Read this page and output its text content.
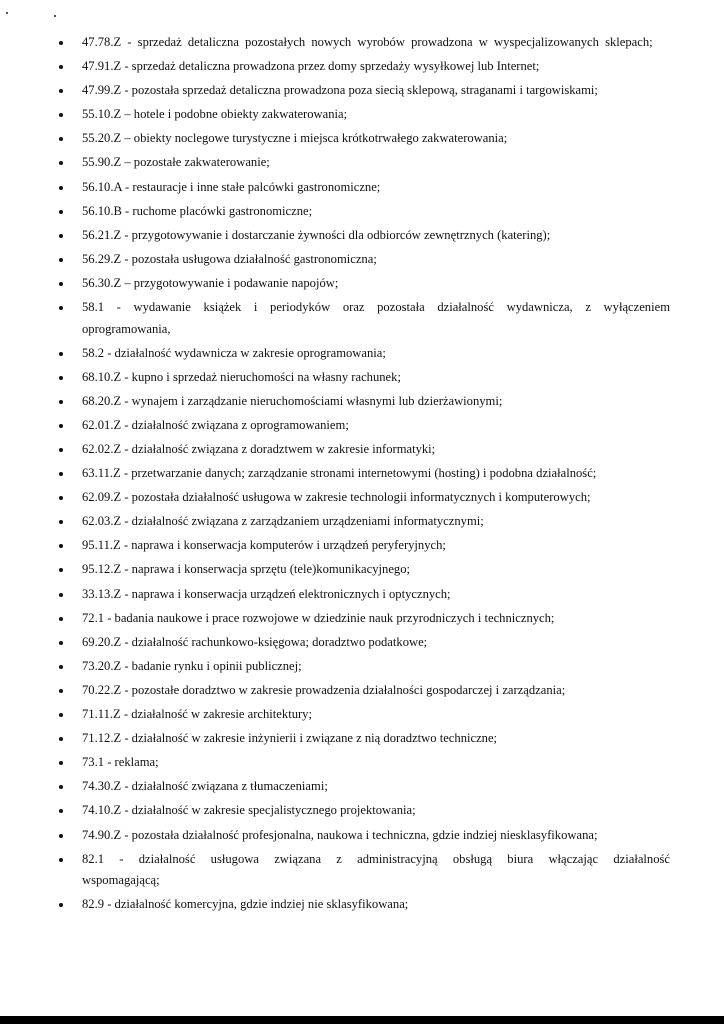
47.78.Z - sprzedaż detaliczna pozostałych nowych wyrobów prowadzona w wyspecjalizowanych sklepach;
47.91.Z - sprzedaż detaliczna prowadzona przez domy sprzedaży wysyłkowej lub Internet;
47.99.Z - pozostała sprzedaż detaliczna prowadzona poza siecią sklepową, straganami i targowiskami;
55.10.Z – hotele i podobne obiekty zakwaterowania;
55.20.Z – obiekty noclegowe turystyczne i miejsca krótkotrwałego zakwaterowania;
55.90.Z – pozostałe zakwaterowanie;
56.10.A - restauracje i inne stałe palcówki gastronomiczne;
56.10.B - ruchome placówki gastronomiczne;
56.21.Z - przygotowywanie i dostarczanie żywności dla odbiorców zewnętrznych (katering);
56.29.Z - pozostała usługowa działalność gastronomiczna;
56.30.Z – przygotowywanie i podawanie napojów;
58.1 - wydawanie książek i periodyków oraz pozostała działalność wydawnicza, z wyłączeniem oprogramowania,
58.2 - działalność wydawnicza w zakresie oprogramowania;
68.10.Z - kupno i sprzedaż nieruchomości na własny rachunek;
68.20.Z - wynajem i zarządzanie nieruchomościami własnymi lub dzierżawionymi;
62.01.Z - działalność związana z oprogramowaniem;
62.02.Z - działalność związana z doradztwem w zakresie informatyki;
63.11.Z - przetwarzanie danych; zarządzanie stronami internetowymi (hosting) i podobna działalność;
62.09.Z - pozostała działalność usługowa w zakresie technologii informatycznych i komputerowych;
62.03.Z - działalność związana z zarządzaniem urządzeniami informatycznymi;
95.11.Z - naprawa i konserwacja komputerów i urządzeń peryferyjnych;
95.12.Z - naprawa i konserwacja sprzętu (tele)komunikacyjnego;
33.13.Z - naprawa i konserwacja urządzeń elektronicznych i optycznych;
72.1 - badania naukowe i prace rozwojowe w dziedzinie nauk przyrodniczych i technicznych;
69.20.Z - działalność rachunkowo-księgowa; doradztwo podatkowe;
73.20.Z - badanie rynku i opinii publicznej;
70.22.Z - pozostałe doradztwo w zakresie prowadzenia działalności gospodarczej i zarządzania;
71.11.Z - działalność w zakresie architektury;
71.12.Z - działalność w zakresie inżynierii i związane z nią doradztwo techniczne;
73.1 - reklama;
74.30.Z - działalność związana z tłumaczeniami;
74.10.Z - działalność w zakresie specjalistycznego projektowania;
74.90.Z - pozostała działalność profesjonalna, naukowa i techniczna, gdzie indziej niesklasyfikowana;
82.1 - działalność usługowa związana z administracyjną obsługą biura włączając działalność wspomagającą;
82.9 - działalność komercyjna, gdzie indziej nie sklasyfikowana;
